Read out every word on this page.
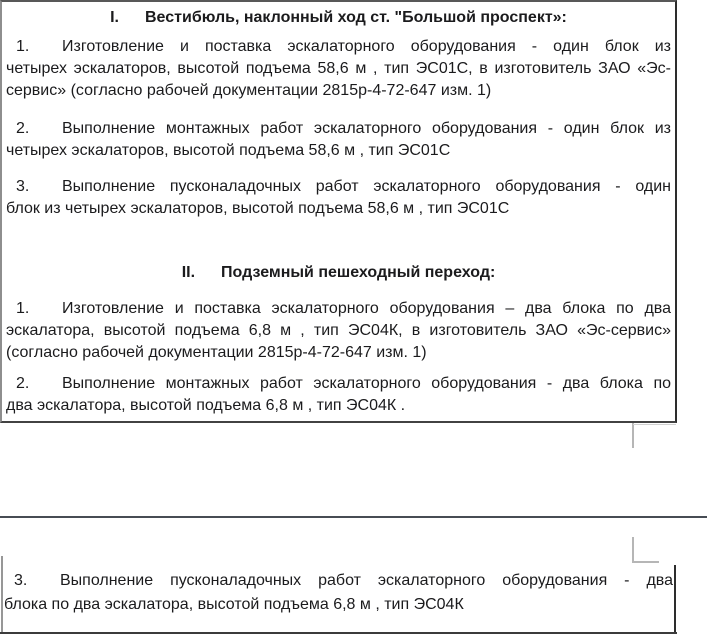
I. Вестибюль, наклонный ход ст. "Большой проспект»:
1.	Изготовление и поставка эскалаторного оборудования - один блок из
четырех эскалаторов, высотой подъема 58,6 м , тип ЭС01С, в изготовитель ЗАО «Эс-
сервис» (согласно рабочей документации 2815р-4-72-647 изм. 1)
2.	Выполнение монтажных работ эскалаторного оборудования - один блок из
четырех эскалаторов, высотой подъема 58,6 м , тип ЭС01С
3.	Выполнение пусконаладочных работ эскалаторного оборудования - один
блок из четырех эскалаторов, высотой подъема 58,6 м , тип ЭС01С
II. Подземный пешеходный переход:
1.	Изготовление и поставка эскалаторного оборудования – два блока по два
эскалатора, высотой подъема 6,8 м , тип ЭС04К, в изготовитель ЗАО «Эс-сервис»
(согласно рабочей документации 2815р-4-72-647 изм. 1)
2.	Выполнение монтажных работ эскалаторного оборудования - два блока по
два эскалатора, высотой подъема 6,8 м , тип ЭС04К .
3.	Выполнение пусконаладочных работ эскалаторного оборудования - два
блока по два эскалатора, высотой подъема 6,8 м , тип ЭС04К
